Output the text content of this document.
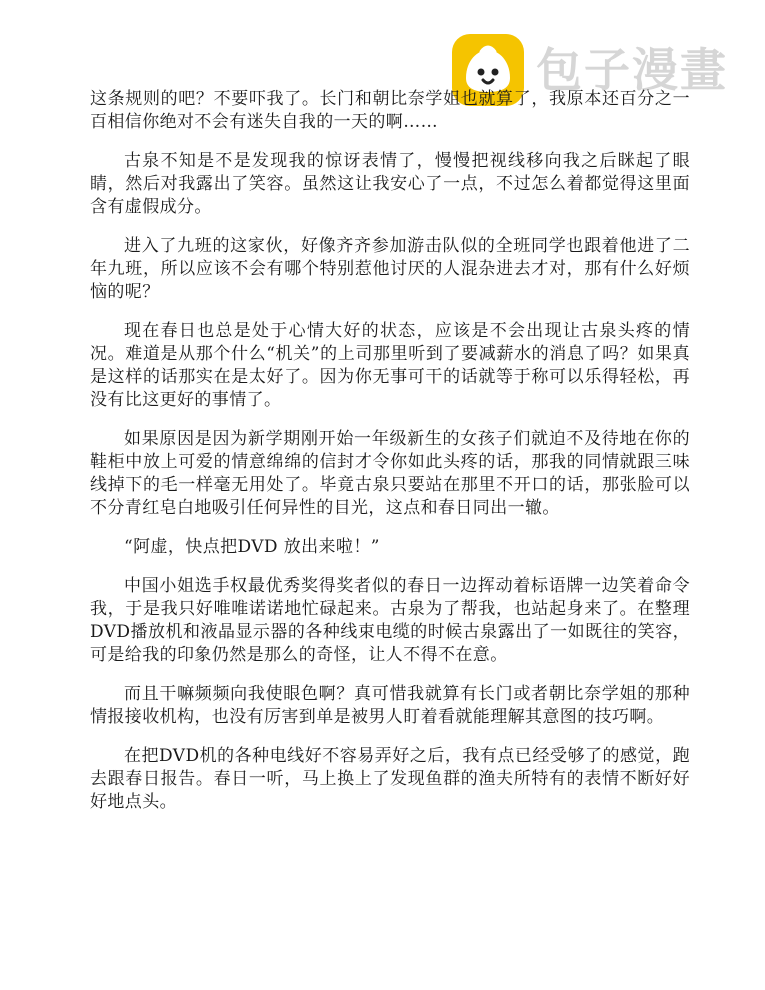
包子漫畫

这条规则的吧？不要吓我了。长门和朝比奈学姐也就算了，我原本还百分之一百相信你绝对不会有迷失自我的一天的啊……

古泉不知是不是发现我的惊讶表情了，慢慢把视线移向我之后眯起了眼睛，然后对我露出了笑容。虽然这让我安心了一点，不过怎么着都觉得这里面含有虚假成分。

进入了九班的这家伙，好像齐齐参加游击队似的全班同学也跟着他进了二年九班，所以应该不会有哪个特别惹他讨厌的人混杂进去才对，那有什么好烦恼的呢？

现在春日也总是处于心情大好的状态，应该是不会出现让古泉头疼的情况。难道是从那个什么“机关”的上司那里听到了要减薪水的消息了吗？如果真是这样的话那实在是太好了。因为你无事可干的话就等于称可以乐得轻松，再没有比这更好的事情了。

如果原因是因为新学期刚开始一年级新生的女孩子们就迫不及待地在你的鞋柜中放上可爱的情意绵绵的信封才令你如此头疼的话，那我的同情就跟三味线掉下的毛一样毫无用处了。毕竟古泉只要站在那里不开口的话，那张脸可以不分青红皂白地吸引任何异性的目光，这点和春日同出一辙。

“阿虚，快点把DVD 放出来啦！”

中国小姐选手权最优秀奖得奖者似的春日一边挥动着标语牌一边笑着命令我，于是我只好唯唯诺诺地忙碌起来。古泉为了帮我，也站起身来了。在整理DVD播放机和液晶显示器的各种线束电缆的时候古泉露出了一如既往的笑容，可是给我的印象仍然是那么的奇怪，让人不得不在意。

而且干嘛频频向我使眼色啊？真可惜我就算有长门或者朝比奈学姐的那种情报接收机构，也没有厉害到单是被男人盯着看就能理解其意图的技巧啊。

在把DVD机的各种电线好不容易弄好之后，我有点已经受够了的感觉，跑去跟春日报告。春日一听，马上换上了发现鱼群的渔夫所特有的表情不断好好好地点头。
